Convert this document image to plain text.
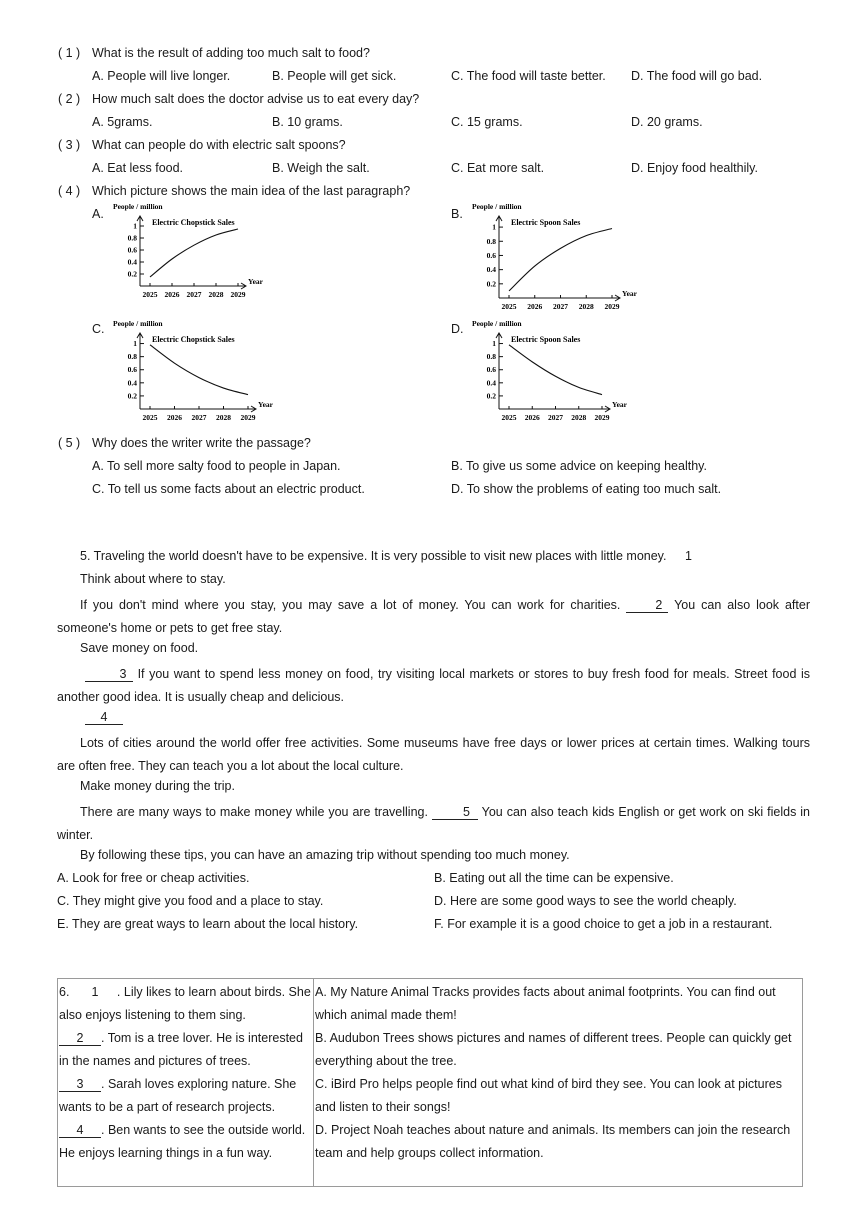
( 1 ) What is the result of adding too much salt to food?
A. People will live longer.	B. People will get sick.	C. The food will taste better. D. The food will go bad.
( 2 ) How much salt does the doctor advise us to eat every day?
A. 5grams.	B. 10 grams.	C. 15 grams.	D. 20 grams.
( 3 ) What can people do with electric salt spoons?
A. Eat less food.	B. Weigh the salt.	C. Eat more salt.	D. Enjoy food healthily.
( 4 ) Which picture shows the main idea of the last paragraph?
A.	B.
C.	D.
People / million
Electric Chopstick Sales
Year
0.2
0.4
0.6
0.8
1
2025 2026 2027 2028 2029
People / million
Electric Spoon Sales
Year
0.2
0.4
0.6
0.8
1
2025 2026 2027 2028 2029
People / million
Electric Chopstick Sales
Year
0.2
0.4
0.6
0.8
1
2025 2026 2027 2028 2029
People / million
Electric Spoon Sales
Year
0.2
0.4
0.6
0.8
1
2025 2026 2027 2028 2029
( 5 ) Why does the writer write the passage?
A. To sell more salty food to people in Japan.	B. To give us some advice on keeping healthy.
C. To tell us some facts about an electric product.	D. To show the problems of eating too much salt.
5. Traveling the world doesn't have to be expensive. It is very possible to visit new places with little money. 1
Think about where to stay.
If you don't mind where you stay, you may save a lot of money. You can work for charities.	2 You can also look after someone's home or pets to get free stay.
Save money on food.
3 If you want to spend less money on food, try visiting local markets or stores to buy fresh food for meals. Street food is another good idea. It is usually cheap and delicious.
4
Lots of cities around the world offer free activities. Some museums have free days or lower prices at certain times. Walking tours are often free. They can teach you a lot about the local culture.
Make money during the trip.
There are many ways to make money while you are travelling.	5 You can also teach kids English or get work on ski fields in winter.
By following these tips, you can have an amazing trip without spending too much money.
A. Look for free or cheap activities.	B. Eating out all the time can be expensive.
C. They might give you food and a place to stay.	D. Here are some good ways to see the world cheaply.
E. They are great ways to learn about the local history.	F. For example it is a good choice to get a job in a restaurant.
6. 1 . Lily likes to learn about birds. She also enjoys listening to them sing.
2 . Tom is a tree lover. He is interested in the names and pictures of trees.
3 . Sarah loves exploring nature. She wants to be a part of research projects.
4 . Ben wants to see the outside world. He enjoys learning things in a fun way.

A. My Nature Animal Tracks provides facts about animal footprints. You can find out which animal made them!
B. Audubon Trees shows pictures and names of different trees. People can quickly get everything about the tree.
C. iBird Pro helps people find out what kind of bird they see. You can look at pictures and listen to their songs!
D. Project Noah teaches about nature and animals. Its members can join the research team and help groups collect information.
